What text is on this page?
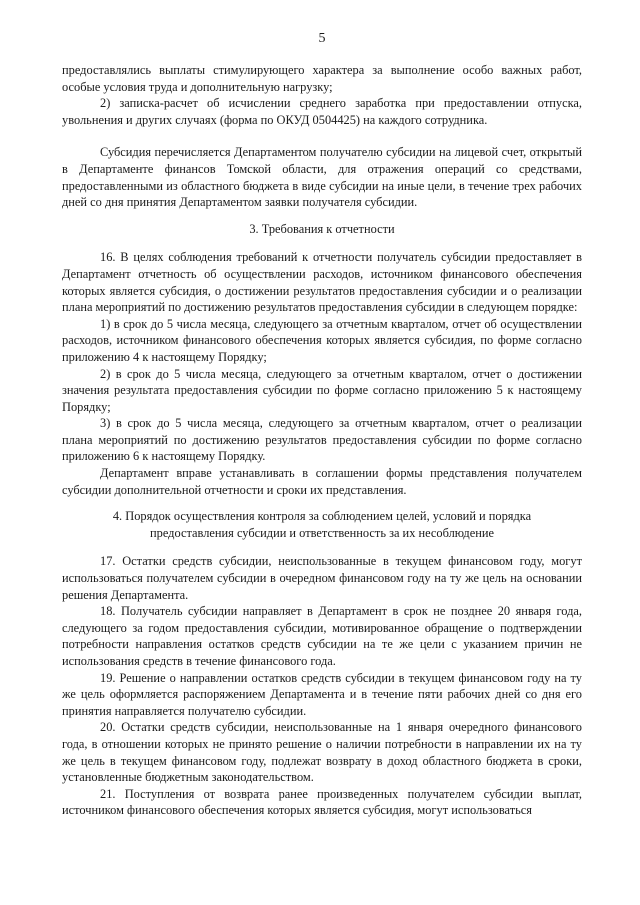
5

предоставлялись выплаты стимулирующего характера за выполнение особо важных работ, особые условия труда и дополнительную нагрузку;

2) записка-расчет об исчислении среднего заработка при предоставлении отпуска, увольнения и других случаях (форма по ОКУД 0504425) на каждого сотрудника.

Субсидия перечисляется Департаментом получателю субсидии на лицевой счет, открытый в Департаменте финансов Томской области, для отражения операций со средствами, предоставленными из областного бюджета в виде субсидии на иные цели, в течение трех рабочих дней со дня принятия Департаментом заявки получателя субсидии.

3. Требования к отчетности

16. В целях соблюдения требований к отчетности получатель субсидии предоставляет в Департамент отчетность об осуществлении расходов, источником финансового обеспечения которых является субсидия, о достижении результатов предоставления субсидии и о реализации плана мероприятий по достижению результатов предоставления субсидии в следующем порядке:

1) в срок до 5 числа месяца, следующего за отчетным кварталом, отчет об осуществлении расходов, источником финансового обеспечения которых является субсидия, по форме согласно приложению 4 к настоящему Порядку;

2) в срок до 5 числа месяца, следующего за отчетным кварталом, отчет о достижении значения результата предоставления субсидии по форме согласно приложению 5 к настоящему Порядку;

3) в срок до 5 числа месяца, следующего за отчетным кварталом, отчет о реализации плана мероприятий по достижению результатов предоставления субсидии по форме согласно приложению 6 к настоящему Порядку.

Департамент вправе устанавливать в соглашении формы представления получателем субсидии дополнительной отчетности и сроки их представления.

4. Порядок осуществления контроля за соблюдением целей, условий и порядка
предоставления субсидии и ответственность за их несоблюдение

17. Остатки средств субсидии, неиспользованные в текущем финансовом году, могут использоваться получателем субсидии в очередном финансовом году на ту же цель на основании решения Департамента.

18. Получатель субсидии направляет в Департамент в срок не позднее 20 января года, следующего за годом предоставления субсидии, мотивированное обращение о подтверждении потребности направления остатков средств субсидии на те же цели с указанием причин не использования средств в течение финансового года.

19. Решение о направлении остатков средств субсидии в текущем финансовом году на ту же цель оформляется распоряжением Департамента и в течение пяти рабочих дней со дня его принятия направляется получателю субсидии.

20. Остатки средств субсидии, неиспользованные на 1 января очередного финансового года, в отношении которых не принято решение о наличии потребности в направлении их на ту же цель в текущем финансовом году, подлежат возврату в доход областного бюджета в сроки, установленные бюджетным законодательством.

21. Поступления от возврата ранее произведенных получателем субсидии выплат, источником финансового обеспечения которых является субсидия, могут использоваться
